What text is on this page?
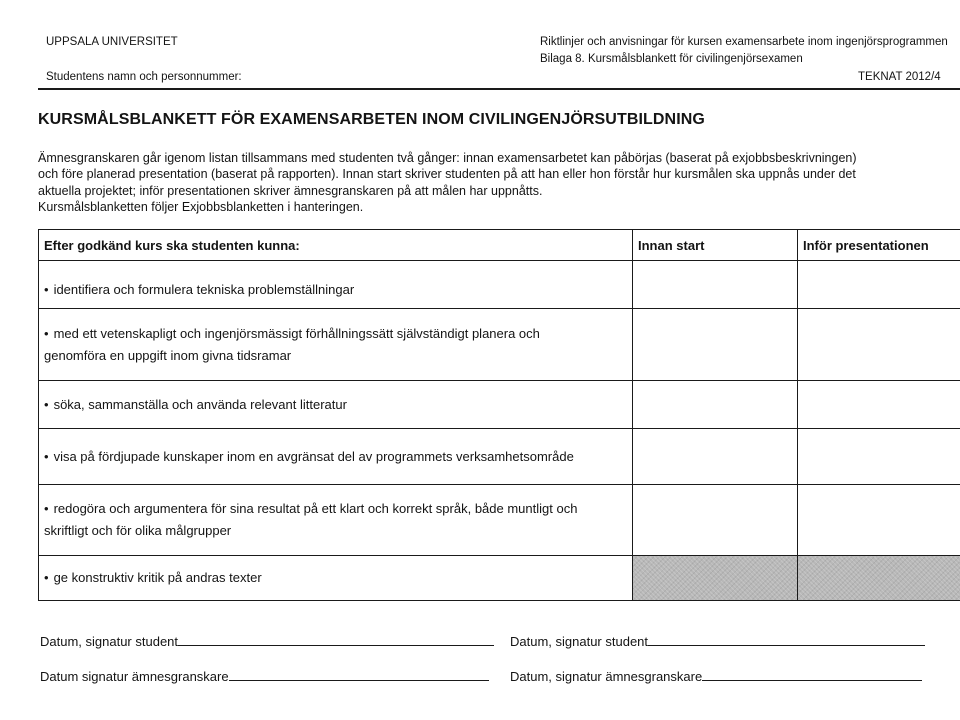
UPPSALA UNIVERSITET	Riktlinjer och anvisningar för kursen examensarbete inom ingenjörsprogrammen
Bilaga 8. Kursmålsblankett för civilingenjörsexamen
Studentens namn och personnummer:	TEKNAT 2012/4
KURSMÅLSBLANKETT FÖR EXAMENSARBETEN INOM CIVILINGENJÖRSUTBILDNING

Ämnesgranskaren går igenom listan tillsammans med studenten två gånger: innan examensarbetet kan påbörjas (baserat på exjobbsbeskrivningen)

och före planerad presentation (baserat på rapporten). Innan start skriver studenten på att han eller hon förstår hur kursmålen ska uppnås under det

aktuella projektet; inför presentationen skriver ämnesgranskaren på att målen har uppnåtts.

Kursmålsblanketten följer Exjobbsblanketten i hanteringen.

Efter godkänd kurs ska studenten kunna:	Innan start	Inför presentationen
• identifiera och formulera tekniska problemställningar		

• med ett vetenskapligt och ingenjörsmässigt förhållningssätt självständigt planera och
genomföra en uppgift inom givna tidsramar		

• söka, sammanställa och använda relevant litteratur		
• visa på fördjupade kunskaper inom en avgränsat del av programmets verksamhetsområde		

• redogöra och argumentera för sina resultat på ett klart och korrekt språk, både muntligt och
skriftligt och för olika målgrupper		

• ge konstruktiv kritik på andras texter		
Datum, signatur student	Datum, signatur student
Datum signatur ämnesgranskare	Datum, signatur ämnesgranskare
